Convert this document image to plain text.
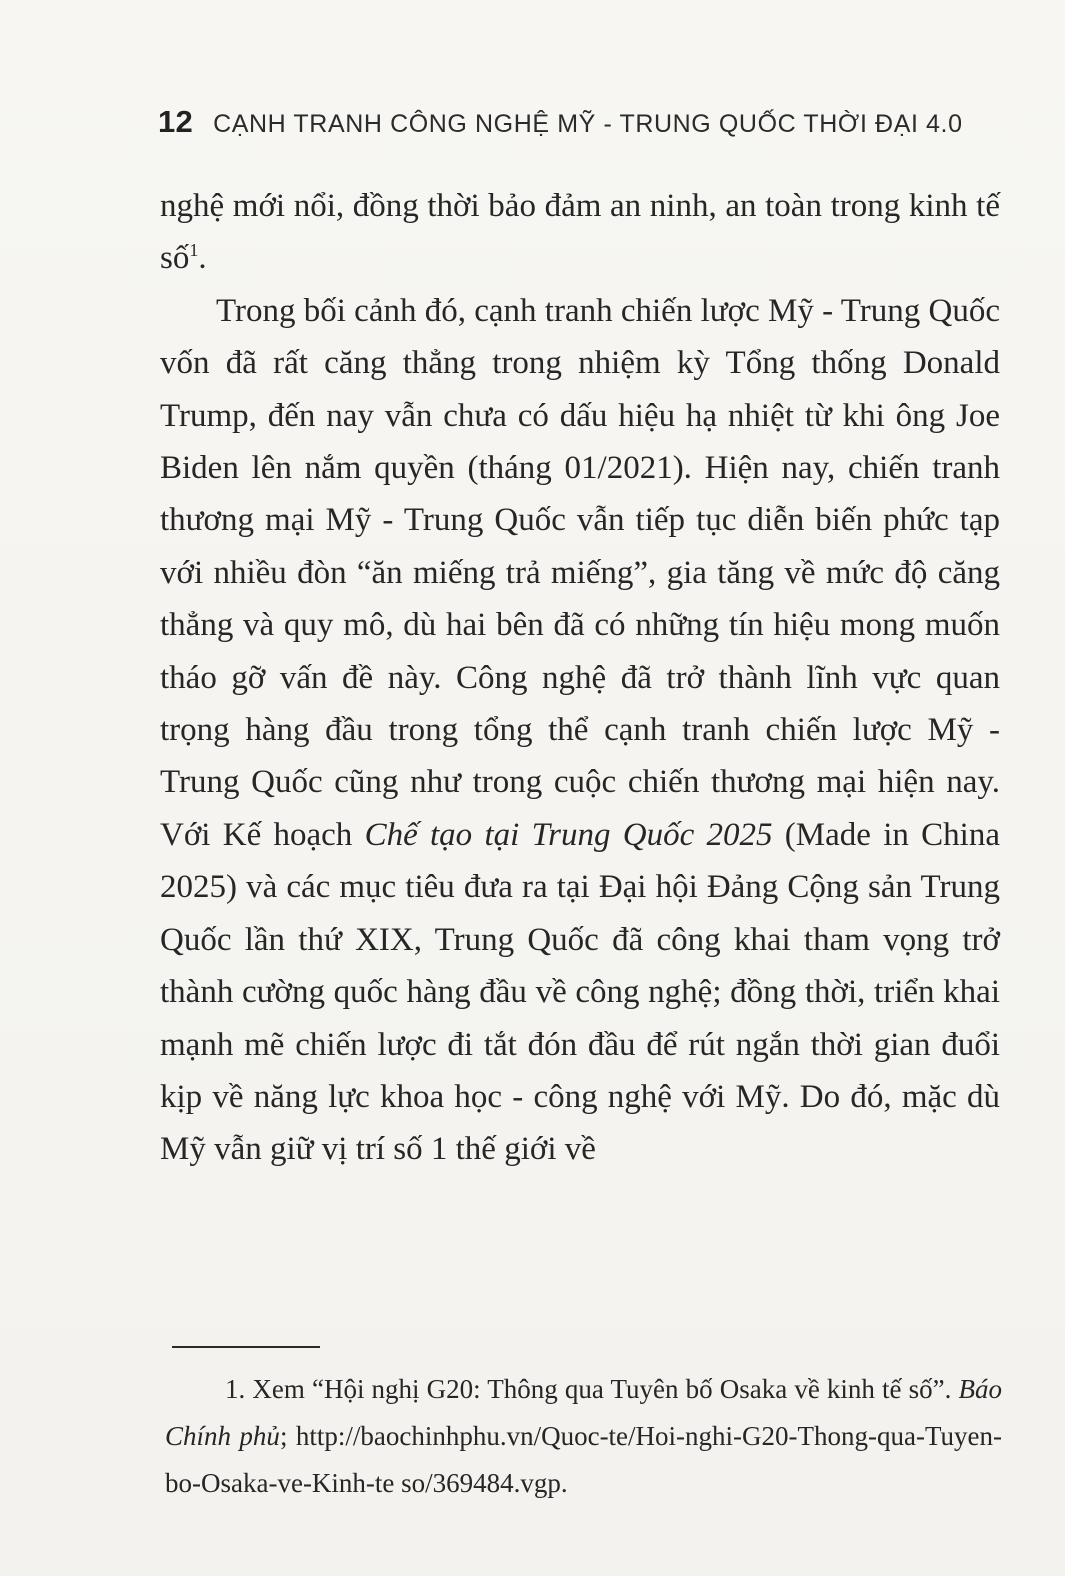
12 CẠNH TRANH CÔNG NGHỆ MỸ - TRUNG QUỐC THỜI ĐẠI 4.0

nghệ mới nổi, đồng thời bảo đảm an ninh, an toàn trong kinh tế số$^1$.

Trong bối cảnh đó, cạnh tranh chiến lược Mỹ - Trung Quốc vốn đã rất căng thẳng trong nhiệm kỳ Tổng thống Donald Trump, đến nay vẫn chưa có dấu hiệu hạ nhiệt từ khi ông Joe Biden lên nắm quyền (tháng 01/2021). Hiện nay, chiến tranh thương mại Mỹ - Trung Quốc vẫn tiếp tục diễn biến phức tạp với nhiều đòn “ăn miếng trả miếng”, gia tăng về mức độ căng thẳng và quy mô, dù hai bên đã có những tín hiệu mong muốn tháo gỡ vấn đề này. Công nghệ đã trở thành lĩnh vực quan trọng hàng đầu trong tổng thể cạnh tranh chiến lược Mỹ - Trung Quốc cũng như trong cuộc chiến thương mại hiện nay. Với Kế hoạch Chế tạo tại Trung Quốc 2025 (Made in China 2025) và các mục tiêu đưa ra tại Đại hội Đảng Cộng sản Trung Quốc lần thứ XIX, Trung Quốc đã công khai tham vọng trở thành cường quốc hàng đầu về công nghệ; đồng thời, triển khai mạnh mẽ chiến lược đi tắt đón đầu để rút ngắn thời gian đuổi kịp về năng lực khoa học - công nghệ với Mỹ. Do đó, mặc dù Mỹ vẫn giữ vị trí số 1 thế giới về

1. Xem “Hội nghị G20: Thông qua Tuyên bố Osaka về kinh tế số”. Báo Chính phủ; http://baochinhphu.vn/Quoc-te/Hoi-nghi-G20-Thong-qua-Tuyen-bo-Osaka-ve-Kinh-te so/369484.vgp.
